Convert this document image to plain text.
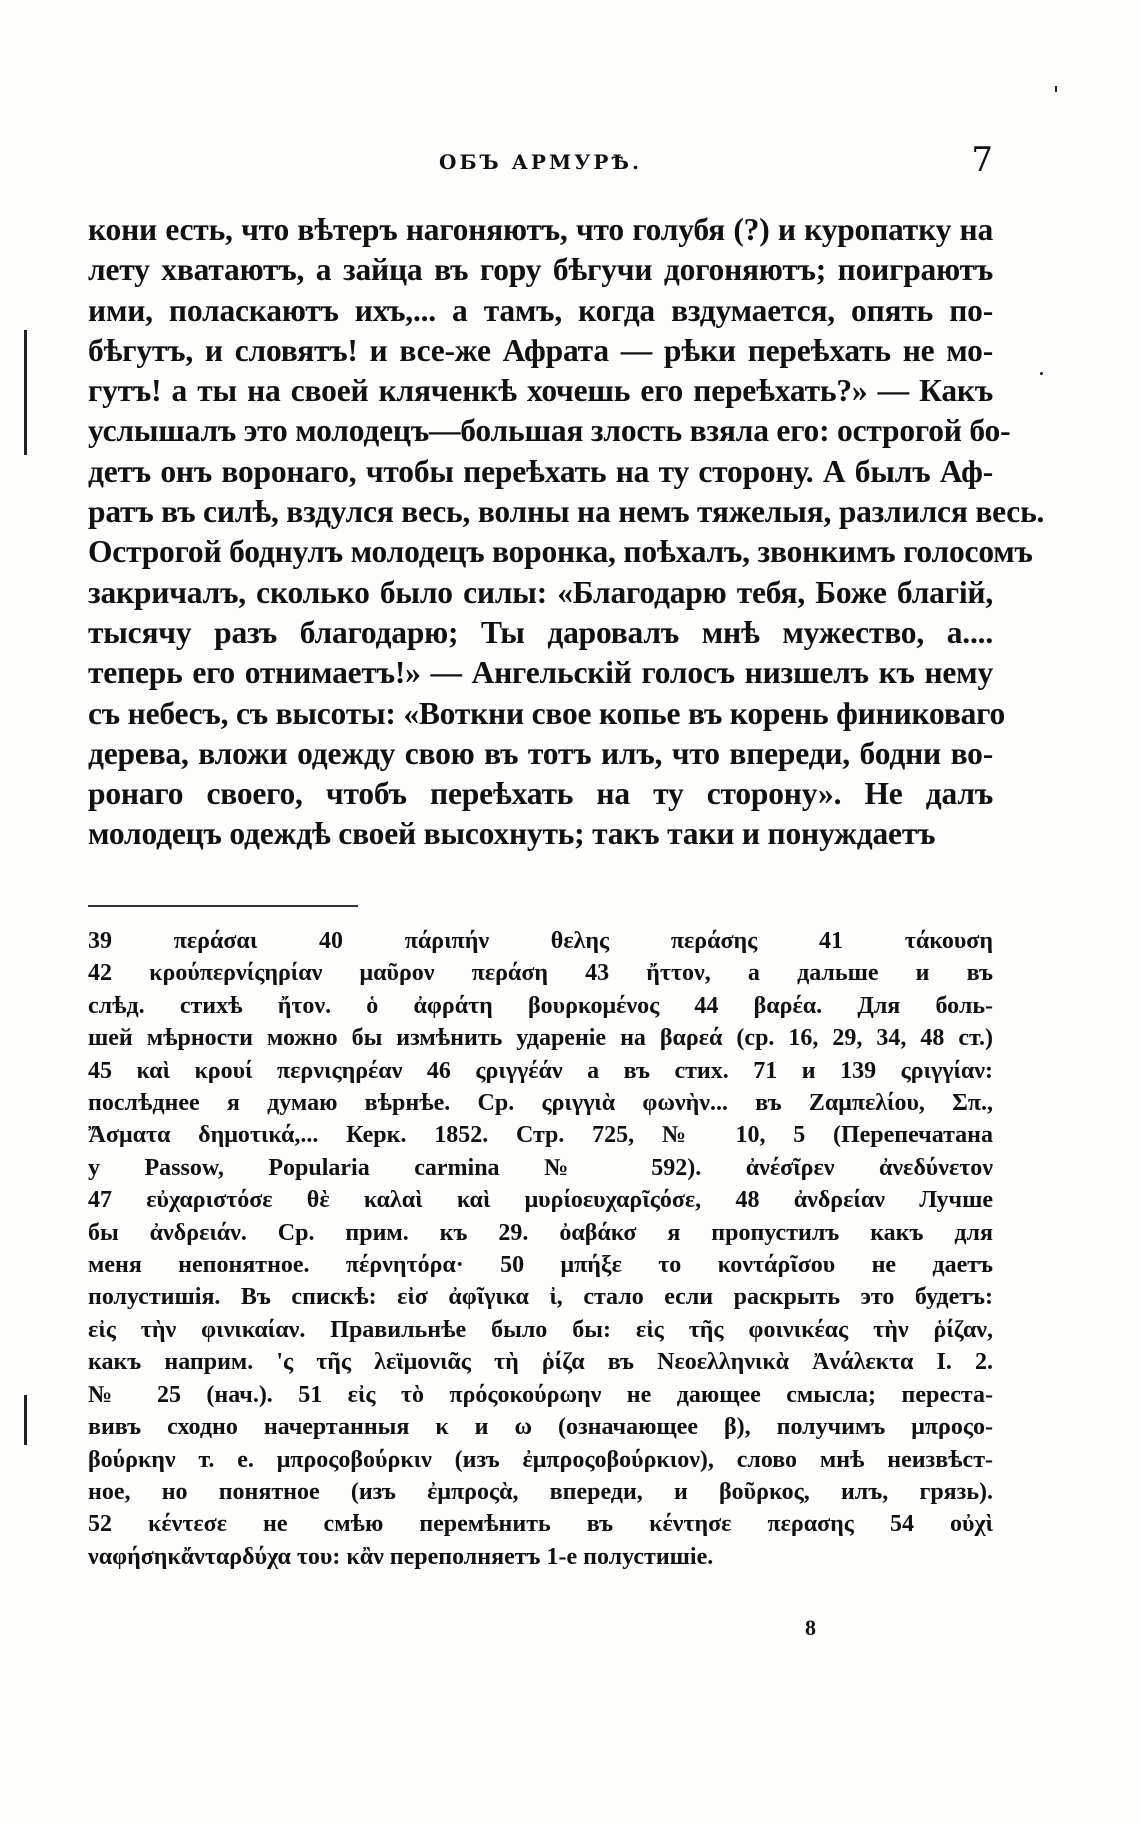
ОБЪ АРМУРѢ.	7
кони есть, что вѣтеръ нагоняютъ, что голубя (?) и куропатку на
лету хватаютъ, а зайца въ гору бѣгучи догоняютъ; поиграютъ
ими, поласкаютъ ихъ,... а тамъ, когда вздумается, опять по-
бѣгутъ, и словятъ! и все-же Афрата — рѣки переѣхать не мо-
гутъ! а ты на своей кляченкѣ хочешь его переѣхать?» — Какъ
услышалъ это молодецъ—большая злость взяла его: острогой бо-
детъ онъ воронаго, чтобы переѣхать на ту сторону. А былъ Аф-
ратъ въ силѣ, вздулся весь, волны на немъ тяжелыя, разлился весь.
Острогой боднулъ молодецъ воронка, поѣхалъ, звонкимъ голосомъ
закричалъ, сколько было силы: «Благодарю тебя, Боже благій,
тысячу разъ благодарю; Ты даровалъ мнѣ мужество, а....
теперь его отнимаетъ!» — Ангельскій голосъ низшелъ къ нему
съ небесъ, съ высоты: «Воткни свое копье въ корень финиковаго
дерева, вложи одежду свою въ тотъ илъ, что впереди, бодни во-
ронаго своего, чтобъ переѣхать на ту сторону». Не далъ
молодецъ одеждѣ своей высохнуть; такъ таки и понуждаетъ
39 περάσαι 40 πάριπήν θελης περάσης 41 τάκουση
42 κρούπερνίςηρίαν μαῦρον περάση 43 ἤττον, а дальше и въ
слѣд. стихѣ ἤτον. ὁ ἀφράτη βουρκομένος 44 βαρέα. Для боль-
шей мѣрности можно бы измѣнить удареніе на βαρεά (ср. 16, 29, 34, 48 ст.)
45 καὶ κρουί περνιςηρέαν 46 ςριγγέάν а въ стих. 71 и 139 ςριγγίαν:
послѣднее я думаю вѣрнѣе. Ср. ςριγγιὰ φωνὴν... въ Ζαμπελίου, Σπ.,
Ἄσματα δημοτικά,... Керк. 1852. Стр. 725, № 10, 5 (Перепечатана
у Passow, Popularia carmina № 592). ἀνέσῖρεν ἀνεδύνετον
47 εὐχαριστόσε θὲ καλαὶ καὶ μυρίοευχαρῖςόσε, 48 ἀνδρείαν Лучше
бы ἀνδρειάν. Ср. прим. къ 29. ὀαβάκσ я пропустилъ какъ для
меня непонятное. πέρνητόρα· 50 μπήξε το κοντάρῖσου не даетъ
полустишія. Въ спискѣ: εἰσ ἀφῖγικα ἰ, стало если раскрыть это будетъ:
εἰς τὴν φινικαίαν. Правильнѣе было бы: εἰς τῆς φοινικέας τὴν ῥίζαν,
какъ наприм. 'ς τῆς λεϊμονιᾶς τὴ ῥίζα въ Νεοελληνικὰ Ἀνάλεκτα I. 2.
№ 25 (нач.). 51 εἰς τὸ πρόςοκούρωην не дающее смысла; переста-
вивъ сходно начертанныя κ и ω (означающее β), получимъ μπροςο-
βούρκην т. е. μπροςοβούρκιν (изъ ἐμπροςοβούρκιον), слово мнѣ неизвѣст-
ное, но понятное (изъ ἐμπροςὰ, впереди, и βοῦρκος, илъ, грязь).
52 κέντεσε не смѣю перемѣнить въ κέντησε περασης 54 οὐχὶ
ναφήσηκἄνταρδύχα του: κἂν переполняетъ 1-е полустишіе.
8
